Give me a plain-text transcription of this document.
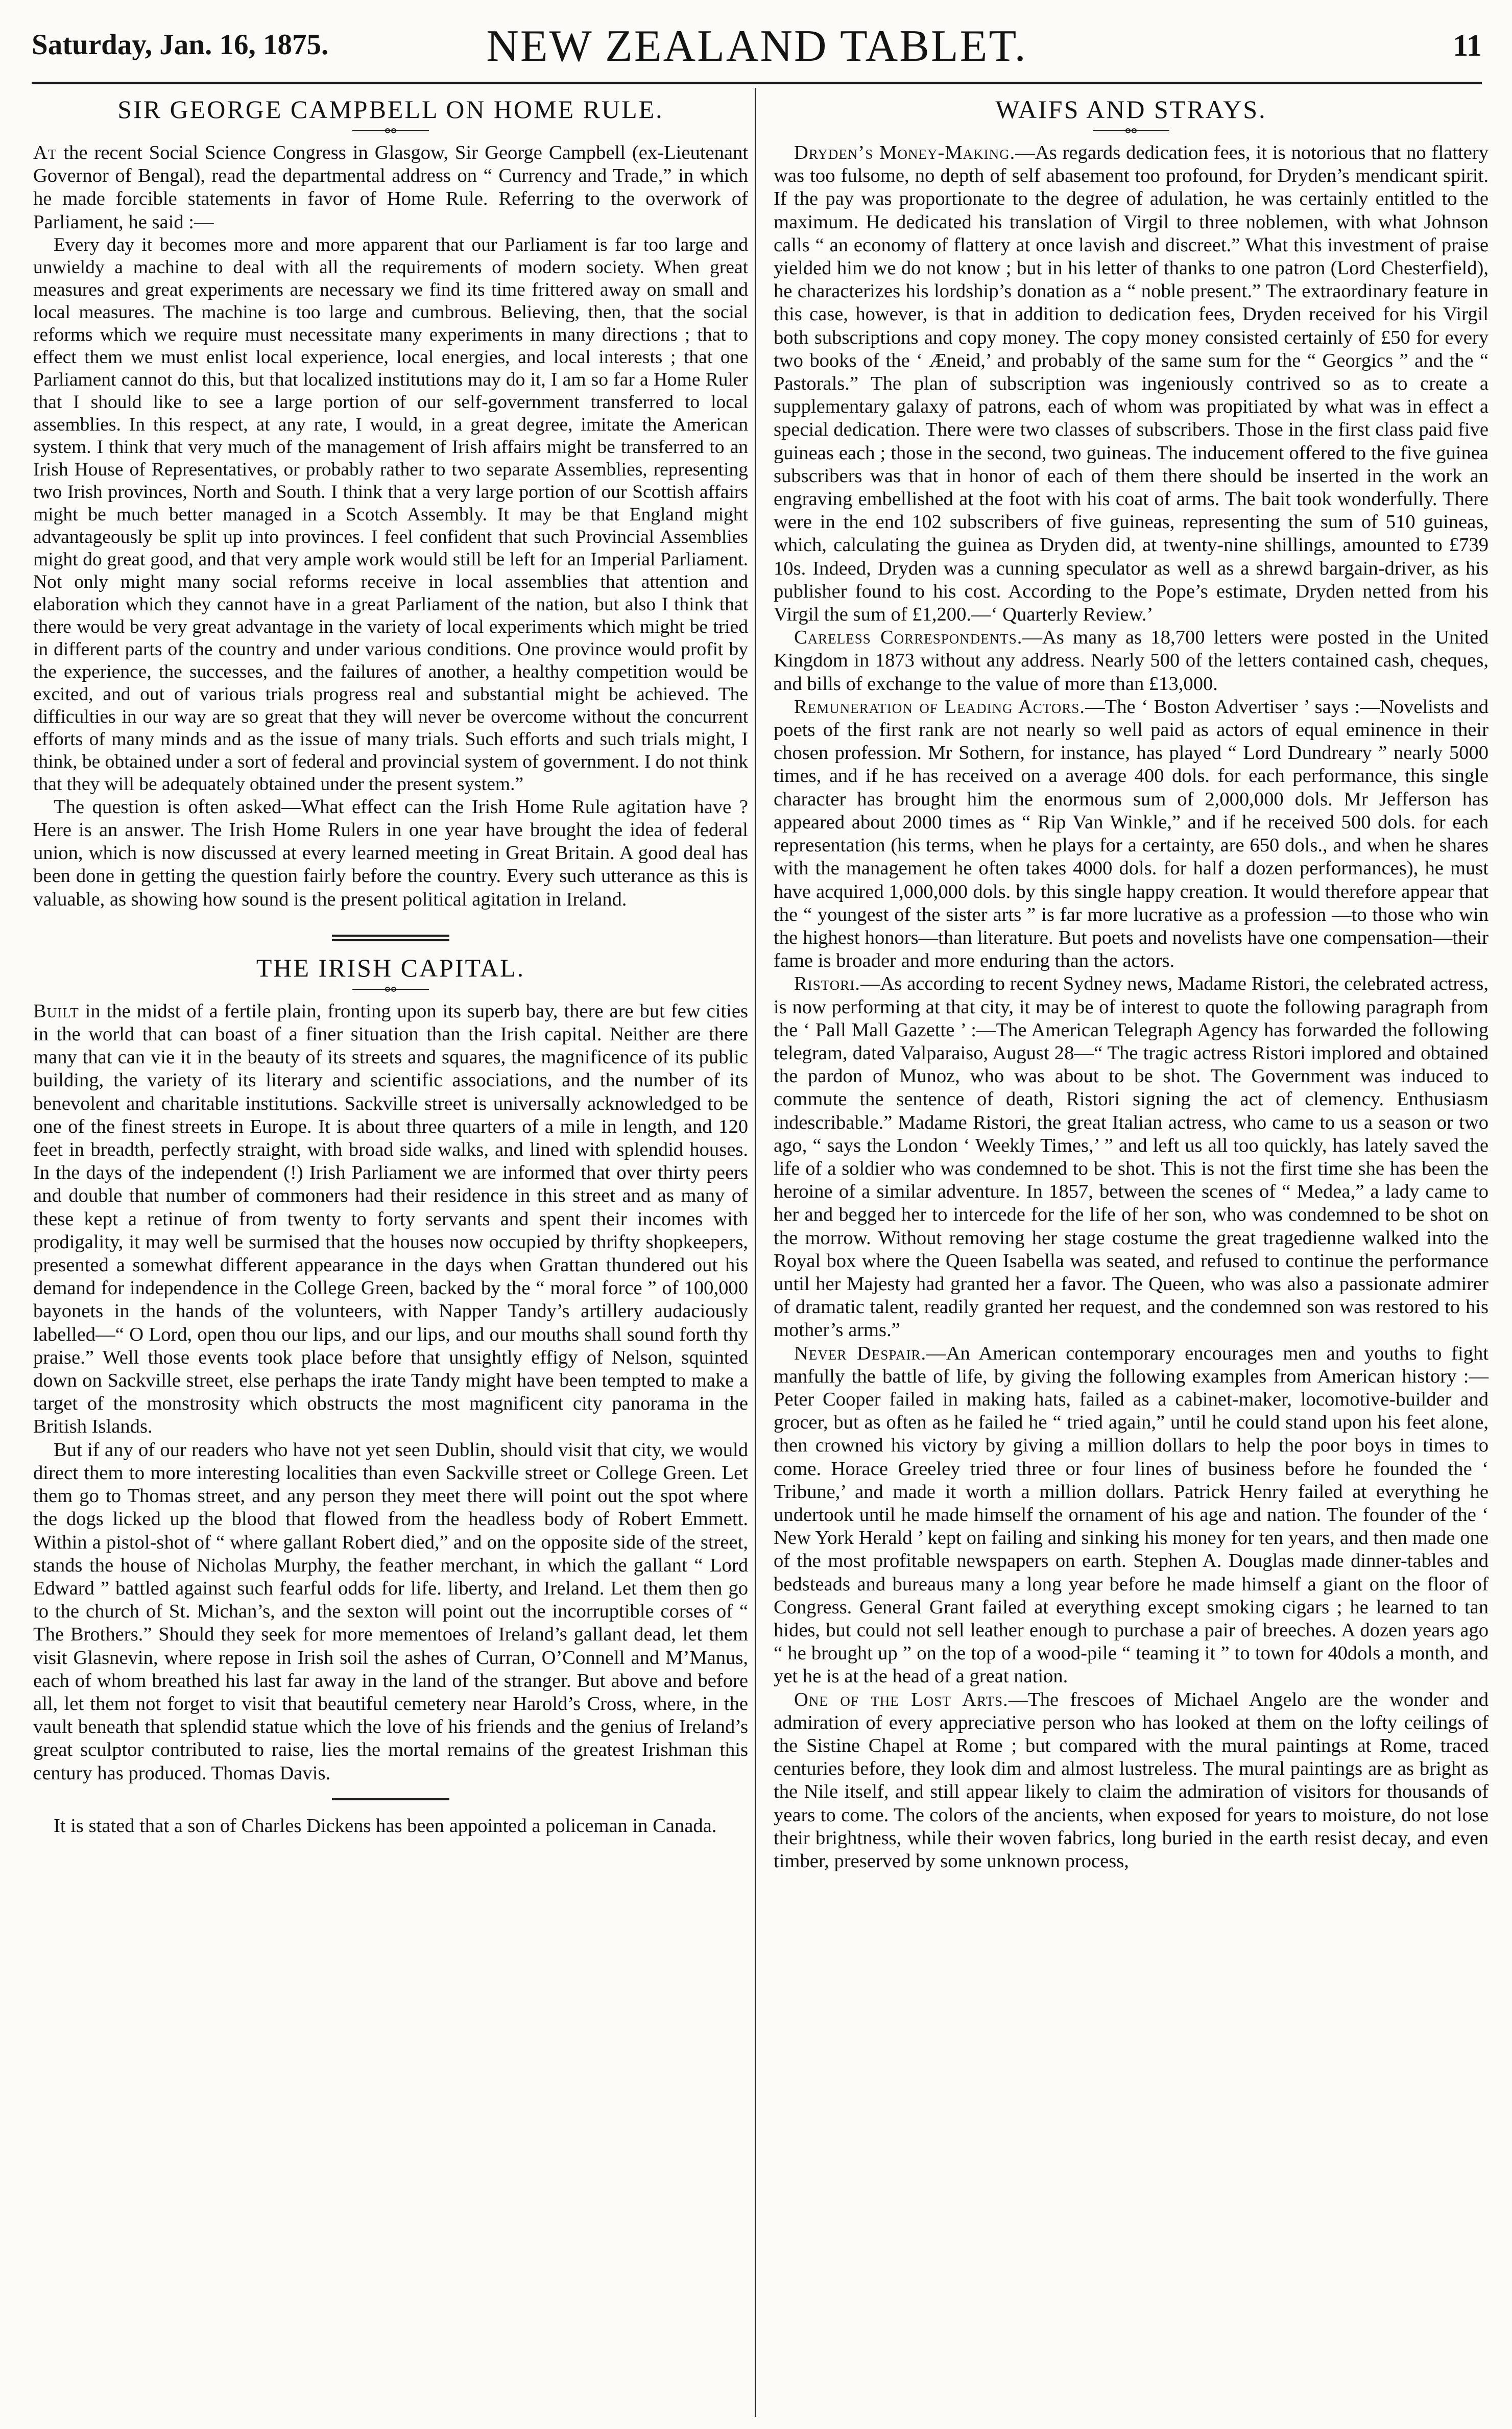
Saturday, Jan. 16, 1875.	NEW ZEALAND TABLET.	11
SIR GEORGE CAMPBELL ON HOME RULE.

At the recent Social Science Congress in Glasgow, Sir George Campbell (ex-Lieutenant Governor of Bengal), read the departmental address on “ Currency and Trade,” in which he made forcible statements in favor of Home Rule. Referring to the overwork of Parliament, he said :—

Every day it becomes more and more apparent that our Parliament is far too large and unwieldy a machine to deal with all the requirements of modern society. When great measures and great experiments are necessary we find its time frittered away on small and local measures. The machine is too large and cumbrous. Believing, then, that the social reforms which we require must necessitate many experiments in many directions ; that to effect them we must enlist local experience, local energies, and local interests ; that one Parliament cannot do this, but that localized institutions may do it, I am so far a Home Ruler that I should like to see a large portion of our self-government transferred to local assemblies. In this respect, at any rate, I would, in a great degree, imitate the American system. I think that very much of the management of Irish affairs might be transferred to an Irish House of Representatives, or probably rather to two separate Assemblies, representing two Irish provinces, North and South. I think that a very large portion of our Scottish affairs might be much better managed in a Scotch Assembly. It may be that England might advantageously be split up into provinces. I feel confident that such Provincial Assemblies might do great good, and that very ample work would still be left for an Imperial Parliament. Not only might many social reforms receive in local assemblies that attention and elaboration which they cannot have in a great Parliament of the nation, but also I think that there would be very great advantage in the variety of local experiments which might be tried in different parts of the country and under various conditions. One province would profit by the experience, the successes, and the failures of another, a healthy competition would be excited, and out of various trials progress real and substantial might be achieved. The difficulties in our way are so great that they will never be overcome without the concurrent efforts of many minds and as the issue of many trials. Such efforts and such trials might, I think, be obtained under a sort of federal and provincial system of government. I do not think that they will be adequately obtained under the present system.”

The question is often asked—What effect can the Irish Home Rule agitation have ? Here is an answer. The Irish Home Rulers in one year have brought the idea of federal union, which is now discussed at every learned meeting in Great Britain. A good deal has been done in getting the question fairly before the country. Every such utterance as this is valuable, as showing how sound is the present political agitation in Ireland.

THE IRISH CAPITAL.

Built in the midst of a fertile plain, fronting upon its superb bay, there are but few cities in the world that can boast of a finer situation than the Irish capital. Neither are there many that can vie it in the beauty of its streets and squares, the magnificence of its public building, the variety of its literary and scientific associations, and the number of its benevolent and charitable institutions. Sackville street is universally acknowledged to be one of the finest streets in Europe. It is about three quarters of a mile in length, and 120 feet in breadth, perfectly straight, with broad side walks, and lined with splendid houses. In the days of the independent (!) Irish Parliament we are informed that over thirty peers and double that number of commoners had their residence in this street and as many of these kept a retinue of from twenty to forty servants and spent their incomes with prodigality, it may well be surmised that the houses now occupied by thrifty shopkeepers, presented a somewhat different appearance in the days when Grattan thundered out his demand for independence in the College Green, backed by the “ moral force ” of 100,000 bayonets in the hands of the volunteers, with Napper Tandy’s artillery audaciously labelled—“ O Lord, open thou our lips, and our lips, and our mouths shall sound forth thy praise.” Well those events took place before that unsightly effigy of Nelson, squinted down on Sackville street, else perhaps the irate Tandy might have been tempted to make a target of the monstrosity which obstructs the most magnificent city panorama in the British Islands.

But if any of our readers who have not yet seen Dublin, should visit that city, we would direct them to more interesting localities than even Sackville street or College Green. Let them go to Thomas street, and any person they meet there will point out the spot where the dogs licked up the blood that flowed from the headless body of Robert Emmett. Within a pistol-shot of “ where gallant Robert died,” and on the opposite side of the street, stands the house of Nicholas Murphy, the feather merchant, in which the gallant “ Lord Edward ” battled against such fearful odds for life. liberty, and Ireland. Let them then go to the church of St. Michan’s, and the sexton will point out the incorruptible corses of “ The Brothers.” Should they seek for more mementoes of Ireland’s gallant dead, let them visit Glasnevin, where repose in Irish soil the ashes of Curran, O’Connell and M’Manus, each of whom breathed his last far away in the land of the stranger. But above and before all, let them not forget to visit that beautiful cemetery near Harold’s Cross, where, in the vault beneath that splendid statue which the love of his friends and the genius of Ireland’s great sculptor contributed to raise, lies the mortal remains of the greatest Irishman this century has produced. Thomas Davis.

It is stated that a son of Charles Dickens has been appointed a policeman in Canada.

WAIFS AND STRAYS.

Dryden’s Money-Making.—As regards dedication fees, it is notorious that no flattery was too fulsome, no depth of self abasement too profound, for Dryden’s mendicant spirit. If the pay was proportionate to the degree of adulation, he was certainly entitled to the maximum. He dedicated his translation of Virgil to three noblemen, with what Johnson calls “ an economy of flattery at once lavish and discreet.” What this investment of praise yielded him we do not know ; but in his letter of thanks to one patron (Lord Chesterfield), he characterizes his lordship’s donation as a “ noble present.” The extraordinary feature in this case, however, is that in addition to dedication fees, Dryden received for his Virgil both subscriptions and copy money. The copy money consisted certainly of £50 for every two books of the ‘ Æneid,’ and probably of the same sum for the “ Georgics ” and the “ Pastorals.” The plan of subscription was ingeniously contrived so as to create a supplementary galaxy of patrons, each of whom was propitiated by what was in effect a special dedication. There were two classes of subscribers. Those in the first class paid five guineas each ; those in the second, two guineas. The inducement offered to the five guinea subscribers was that in honor of each of them there should be inserted in the work an engraving embellished at the foot with his coat of arms. The bait took wonderfully. There were in the end 102 subscribers of five guineas, representing the sum of 510 guineas, which, calculating the guinea as Dryden did, at twenty-nine shillings, amounted to £739 10s. Indeed, Dryden was a cunning speculator as well as a shrewd bargain-driver, as his publisher found to his cost. According to the Pope’s estimate, Dryden netted from his Virgil the sum of £1,200.—‘ Quarterly Review.’

Careless Correspondents.—As many as 18,700 letters were posted in the United Kingdom in 1873 without any address. Nearly 500 of the letters contained cash, cheques, and bills of exchange to the value of more than £13,000.

Remuneration of Leading Actors.—The ‘ Boston Advertiser ’ says :—Novelists and poets of the first rank are not nearly so well paid as actors of equal eminence in their chosen profession. Mr Sothern, for instance, has played “ Lord Dundreary ” nearly 5000 times, and if he has received on a average 400 dols. for each performance, this single character has brought him the enormous sum of 2,000,000 dols. Mr Jefferson has appeared about 2000 times as “ Rip Van Winkle,” and if he received 500 dols. for each representation (his terms, when he plays for a certainty, are 650 dols., and when he shares with the management he often takes 4000 dols. for half a dozen performances), he must have acquired 1,000,000 dols. by this single happy creation. It would therefore appear that the “ youngest of the sister arts ” is far more lucrative as a profession —to those who win the highest honors—than literature. But poets and novelists have one compensation—their fame is broader and more enduring than the actors.

Ristori.—As according to recent Sydney news, Madame Ristori, the celebrated actress, is now performing at that city, it may be of interest to quote the following paragraph from the ‘ Pall Mall Gazette ’ :—The American Telegraph Agency has forwarded the following telegram, dated Valparaiso, August 28—“ The tragic actress Ristori implored and obtained the pardon of Munoz, who was about to be shot. The Government was induced to commute the sentence of death, Ristori signing the act of clemency. Enthusiasm indescribable.” Madame Ristori, the great Italian actress, who came to us a season or two ago, “ says the London ‘ Weekly Times,’ ” and left us all too quickly, has lately saved the life of a soldier who was condemned to be shot. This is not the first time she has been the heroine of a similar adventure. In 1857, between the scenes of “ Medea,” a lady came to her and begged her to intercede for the life of her son, who was condemned to be shot on the morrow. Without removing her stage costume the great tragedienne walked into the Royal box where the Queen Isabella was seated, and refused to continue the performance until her Majesty had granted her a favor. The Queen, who was also a passionate admirer of dramatic talent, readily granted her request, and the condemned son was restored to his mother’s arms.”

Never Despair.—An American contemporary encourages men and youths to fight manfully the battle of life, by giving the following examples from American history :—Peter Cooper failed in making hats, failed as a cabinet-maker, locomotive-builder and grocer, but as often as he failed he “ tried again,” until he could stand upon his feet alone, then crowned his victory by giving a million dollars to help the poor boys in times to come. Horace Greeley tried three or four lines of business before he founded the ‘ Tribune,’ and made it worth a million dollars. Patrick Henry failed at everything he undertook until he made himself the ornament of his age and nation. The founder of the ‘ New York Herald ’ kept on failing and sinking his money for ten years, and then made one of the most profitable newspapers on earth. Stephen A. Douglas made dinner-tables and bedsteads and bureaus many a long year before he made himself a giant on the floor of Congress. General Grant failed at everything except smoking cigars ; he learned to tan hides, but could not sell leather enough to purchase a pair of breeches. A dozen years ago “ he brought up ” on the top of a wood-pile “ teaming it ” to town for 40dols a month, and yet he is at the head of a great nation.

One of the Lost Arts.—The frescoes of Michael Angelo are the wonder and admiration of every appreciative person who has looked at them on the lofty ceilings of the Sistine Chapel at Rome ; but compared with the mural paintings at Rome, traced centuries before, they look dim and almost lustreless. The mural paintings are as bright as the Nile itself, and still appear likely to claim the admiration of visitors for thousands of years to come. The colors of the ancients, when exposed for years to moisture, do not lose their brightness, while their woven fabrics, long buried in the earth resist decay, and even timber, preserved by some unknown process,
